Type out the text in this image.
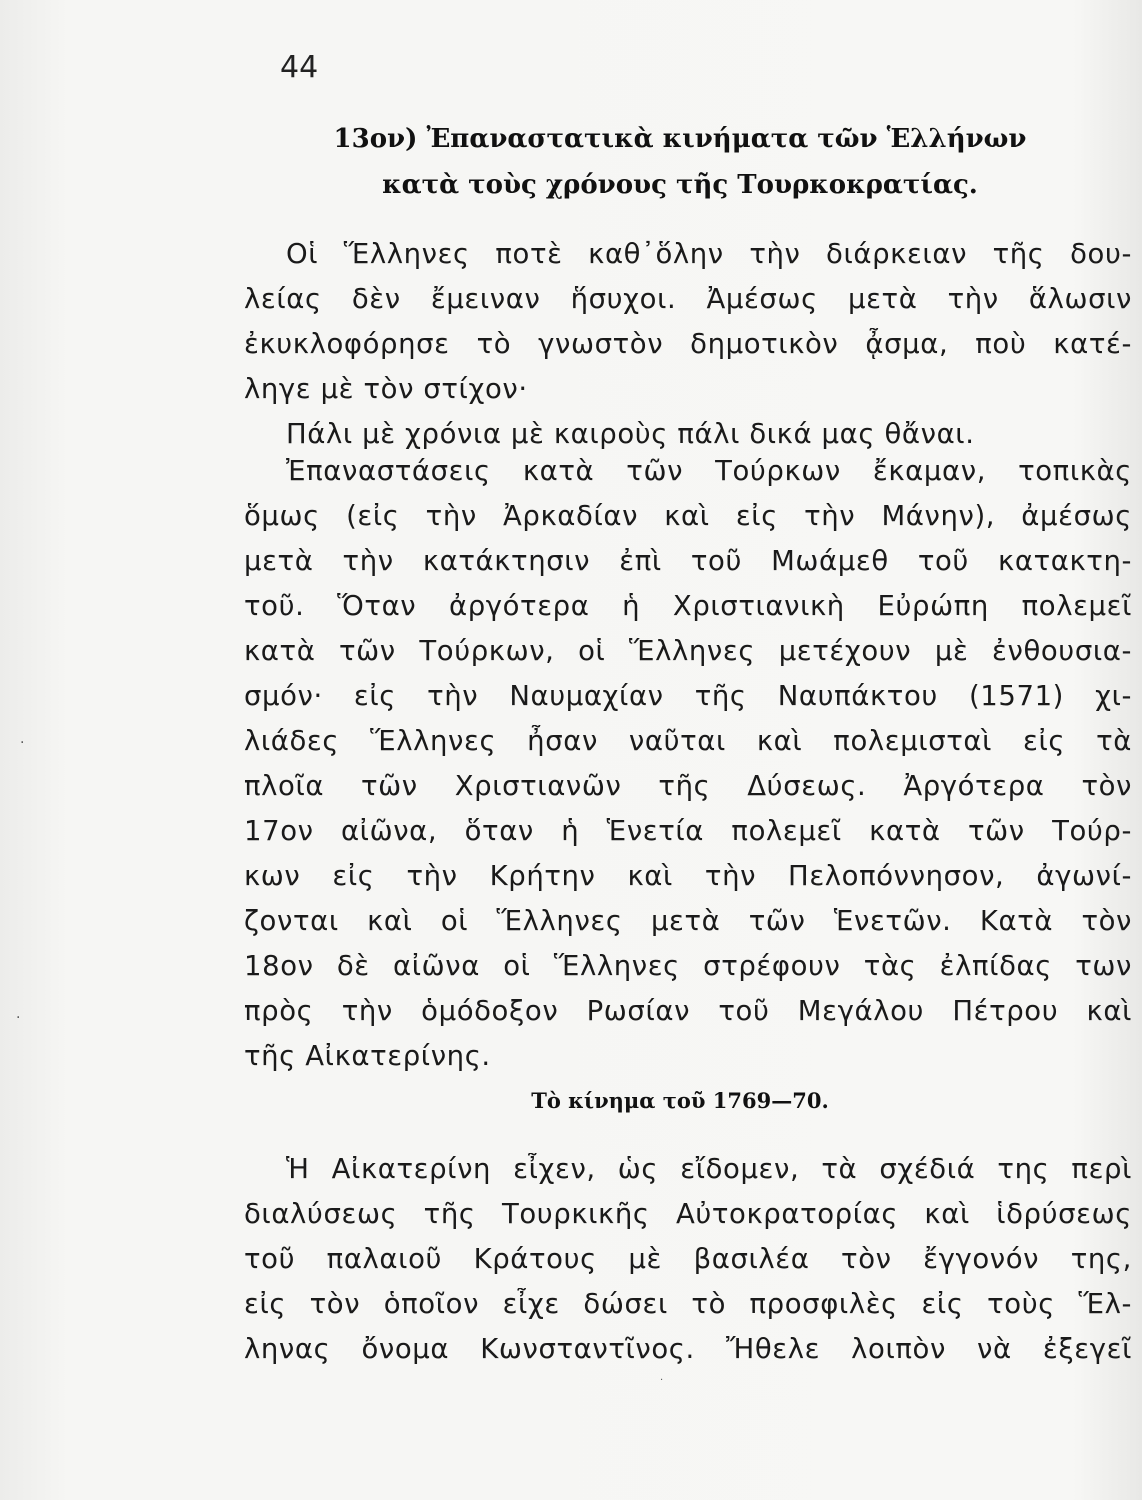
44
13ον) Ἐπαναστατικὰ κινήματα τῶν Ἑλλήνων
κατὰ τοὺς χρόνους τῆς Τουρκοκρατίας.
Οἱ Ἕλληνες ποτὲ καθ᾽ὅλην τὴν διάρκειαν τῆς δου-
λείας δὲν ἔμειναν ἥσυχοι. Ἀμέσως μετὰ τὴν ἅλωσιν
ἐκυκλοφόρησε τὸ γνωστὸν δημοτικὸν ᾆσμα, ποὺ κατέ-
ληγε μὲ τὸν στίχον·
Πάλι μὲ χρόνια μὲ καιροὺς πάλι δικά μας θἄναι.
Ἐπαναστάσεις κατὰ τῶν Τούρκων ἔκαμαν, τοπικὰς
ὅμως (εἰς τὴν Ἀρκαδίαν καὶ εἰς τὴν Μάνην), ἀμέσως
μετὰ τὴν κατάκτησιν ἐπὶ τοῦ Μωάμεθ τοῦ κατακτη-
τοῦ. Ὅταν ἀργότερα ἡ Χριστιανικὴ Εὐρώπη πολεμεῖ
κατὰ τῶν Τούρκων, οἱ Ἕλληνες μετέχουν μὲ ἐνθουσια-
σμόν· εἰς τὴν Ναυμαχίαν τῆς Ναυπάκτου (1571) χι-
λιάδες Ἕλληνες ἦσαν ναῦται καὶ πολεμισταὶ εἰς τὰ
πλοῖα τῶν Χριστιανῶν τῆς Δύσεως. Ἀργότερα τὸν
17ον αἰῶνα, ὅταν ἡ Ἑνετία πολεμεῖ κατὰ τῶν Τούρ-
κων εἰς τὴν Κρήτην καὶ τὴν Πελοπόννησον, ἀγωνί-
ζονται καὶ οἱ Ἕλληνες μετὰ τῶν Ἑνετῶν. Κατὰ τὸν
18ον δὲ αἰῶνα οἱ Ἕλληνες στρέφουν τὰς ἐλπίδας των
πρὸς τὴν ὁμόδοξον Ρωσίαν τοῦ Μεγάλου Πέτρου καὶ
τῆς Αἰκατερίνης.
Τὸ κίνημα τοῦ 1769—70.
Ἡ Αἰκατερίνη εἶχεν, ὡς εἴδομεν, τὰ σχέδιά της περὶ
διαλύσεως τῆς Τουρκικῆς Αὐτοκρατορίας καὶ ἱδρύσεως
τοῦ παλαιοῦ Κράτους μὲ βασιλέα τὸν ἔγγονόν της,
εἰς τὸν ὁποῖον εἶχε δώσει τὸ προσφιλὲς εἰς τοὺς Ἕλ-
ληνας ὄνομα Κωνσταντῖνος. Ἤθελε λοιπὸν νὰ ἐξεγεῖ
·
·
·
